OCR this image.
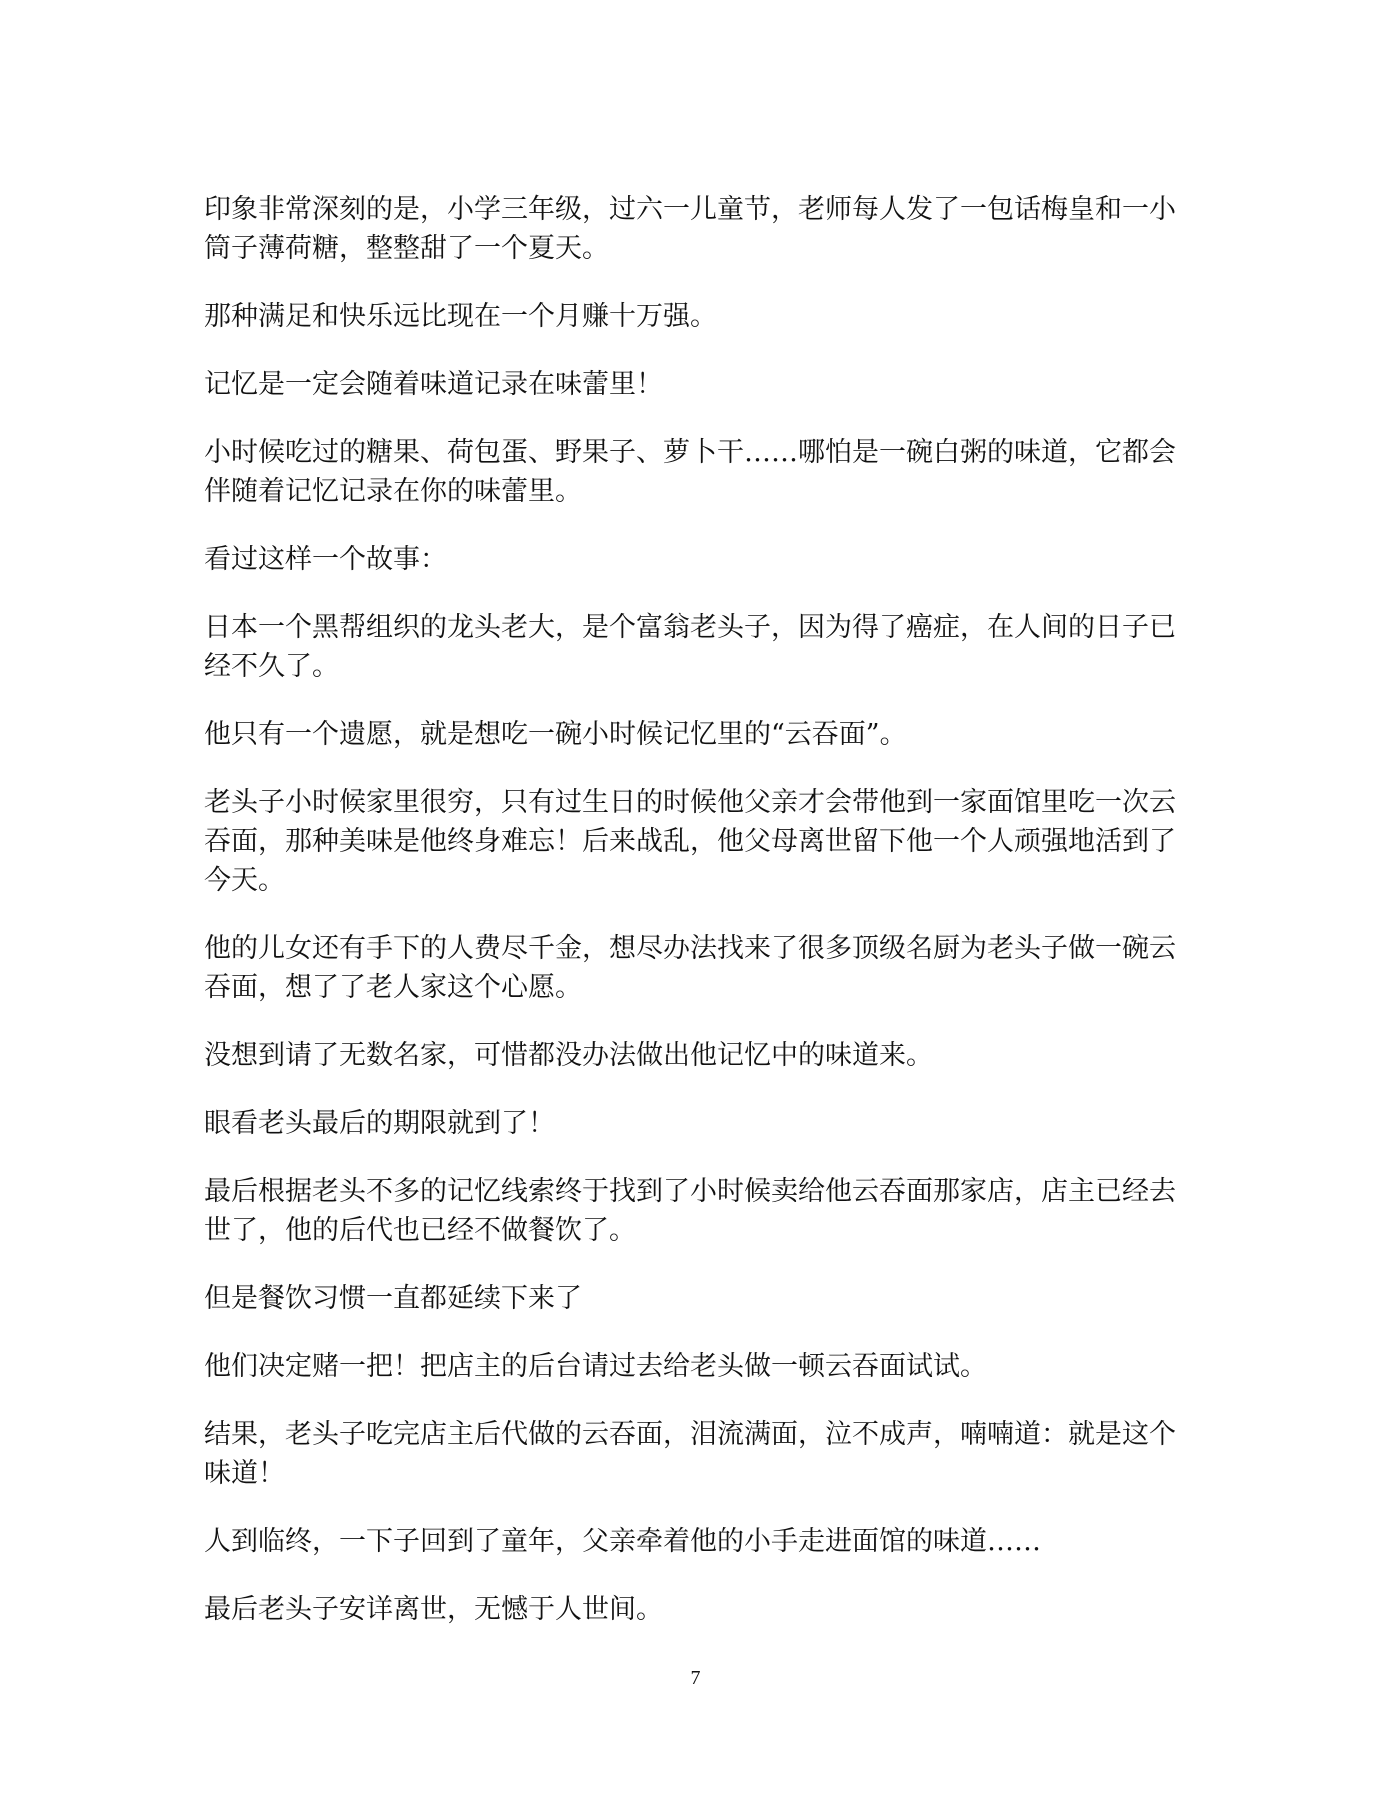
印象非常深刻的是，小学三年级，过六一儿童节，老师每人发了一包话梅皇和一小筒子薄荷糖，整整甜了一个夏天。

那种满足和快乐远比现在一个月赚十万强。

记忆是一定会随着味道记录在味蕾里！

小时候吃过的糖果、荷包蛋、野果子、萝卜干……哪怕是一碗白粥的味道，它都会伴随着记忆记录在你的味蕾里。

看过这样一个故事：

日本一个黑帮组织的龙头老大，是个富翁老头子，因为得了癌症，在人间的日子已经不久了。

他只有一个遗愿，就是想吃一碗小时候记忆里的“云吞面”。

老头子小时候家里很穷，只有过生日的时候他父亲才会带他到一家面馆里吃一次云吞面，那种美味是他终身难忘！后来战乱，他父母离世留下他一个人顽强地活到了今天。

他的儿女还有手下的人费尽千金，想尽办法找来了很多顶级名厨为老头子做一碗云吞面，想了了老人家这个心愿。

没想到请了无数名家，可惜都没办法做出他记忆中的味道来。

眼看老头最后的期限就到了！

最后根据老头不多的记忆线索终于找到了小时候卖给他云吞面那家店，店主已经去世了，他的后代也已经不做餐饮了。

但是餐饮习惯一直都延续下来了

他们决定赌一把！把店主的后台请过去给老头做一顿云吞面试试。

结果，老头子吃完店主后代做的云吞面，泪流满面，泣不成声，喃喃道：就是这个味道！

人到临终，一下子回到了童年，父亲牵着他的小手走进面馆的味道……

最后老头子安详离世，无憾于人世间。

7
